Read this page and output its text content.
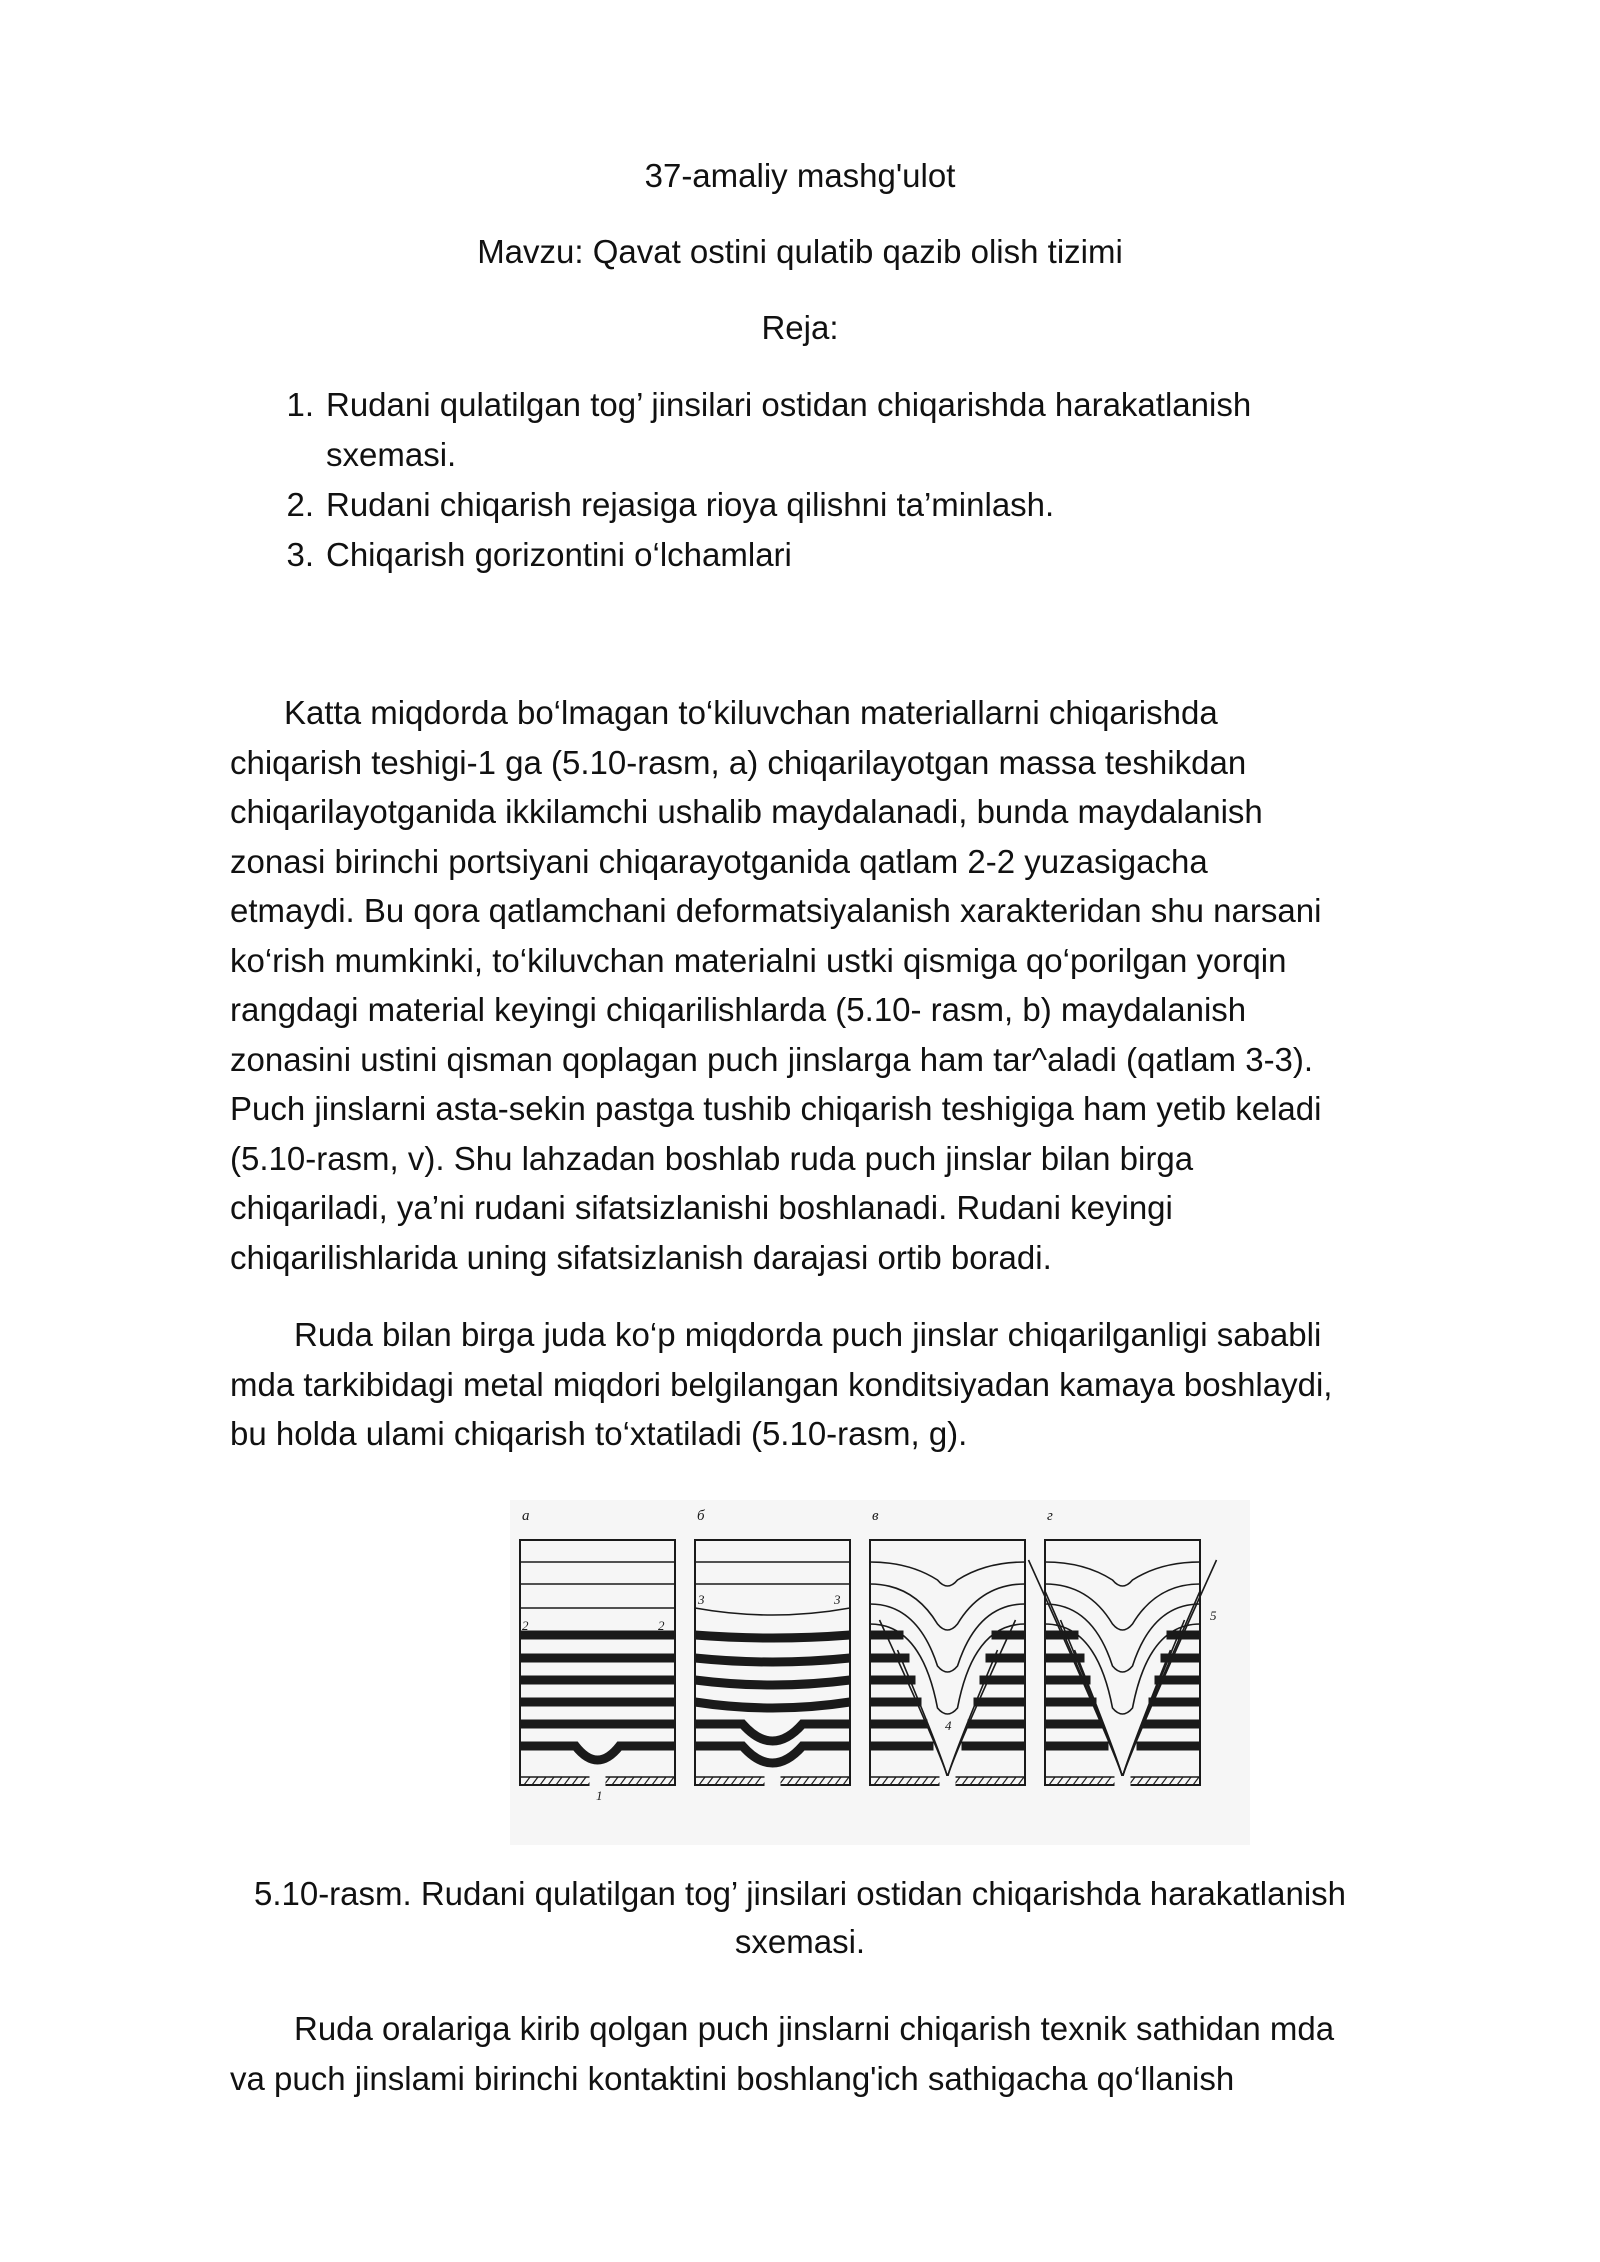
37-amaliy mashg'ulot
Mavzu: Qavat ostini qulatib qazib olish tizimi
Reja:
1. Rudani qulatilgan tog’ jinsilari ostidan chiqarishda harakatlanish
sxemasi.
2. Rudani chiqarish rejasiga rioya qilishni ta’minlash.
3. Chiqarish gorizontini o‘lchamlari

Katta miqdorda bo‘lmagan to‘kiluvchan materiallarni chiqarishda
chiqarish teshigi-1 ga (5.10-rasm, a) chiqarilayotgan massa teshikdan
chiqarilayotganida ikkilamchi ushalib maydalanadi, bunda maydalanish
zonasi birinchi portsiyani chiqarayotganida qatlam 2-2 yuzasigacha
etmaydi. Bu qora qatlamchani deformatsiyalanish xarakteridan shu narsani
ko‘rish mumkinki, to‘kiluvchan materialni ustki qismiga qo‘porilgan yorqin
rangdagi material keyingi chiqarilishlarda (5.10- rasm, b) maydalanish
zonasini ustini qisman qoplagan puch jinslarga ham tar^aladi (qatlam 3-3).
Puch jinslarni asta-sekin pastga tushib chiqarish teshigiga ham yetib keladi
(5.10-rasm, v). Shu lahzadan boshlab ruda puch jinslar bilan birga
chiqariladi, ya’ni rudani sifatsizlanishi boshlanadi. Rudani keyingi
chiqarilishlarida uning sifatsizlanish darajasi ortib boradi.

Ruda bilan birga juda ko‘p miqdorda puch jinslar chiqarilganligi sababli
mda tarkibidagi metal miqdori belgilangan konditsiyadan kamaya boshlaydi,
bu holda ulami chiqarish to‘xtatiladi (5.10-rasm, g).

а	б	в	г
2	2
3	3
4
5
1
5.10-rasm. Rudani qulatilgan tog’ jinsilari ostidan chiqarishda harakatlanish
sxemasi.

Ruda oralariga kirib qolgan puch jinslarni chiqarish texnik sathidan mda
va puch jinslami birinchi kontaktini boshlang'ich sathigacha qo‘llanish
